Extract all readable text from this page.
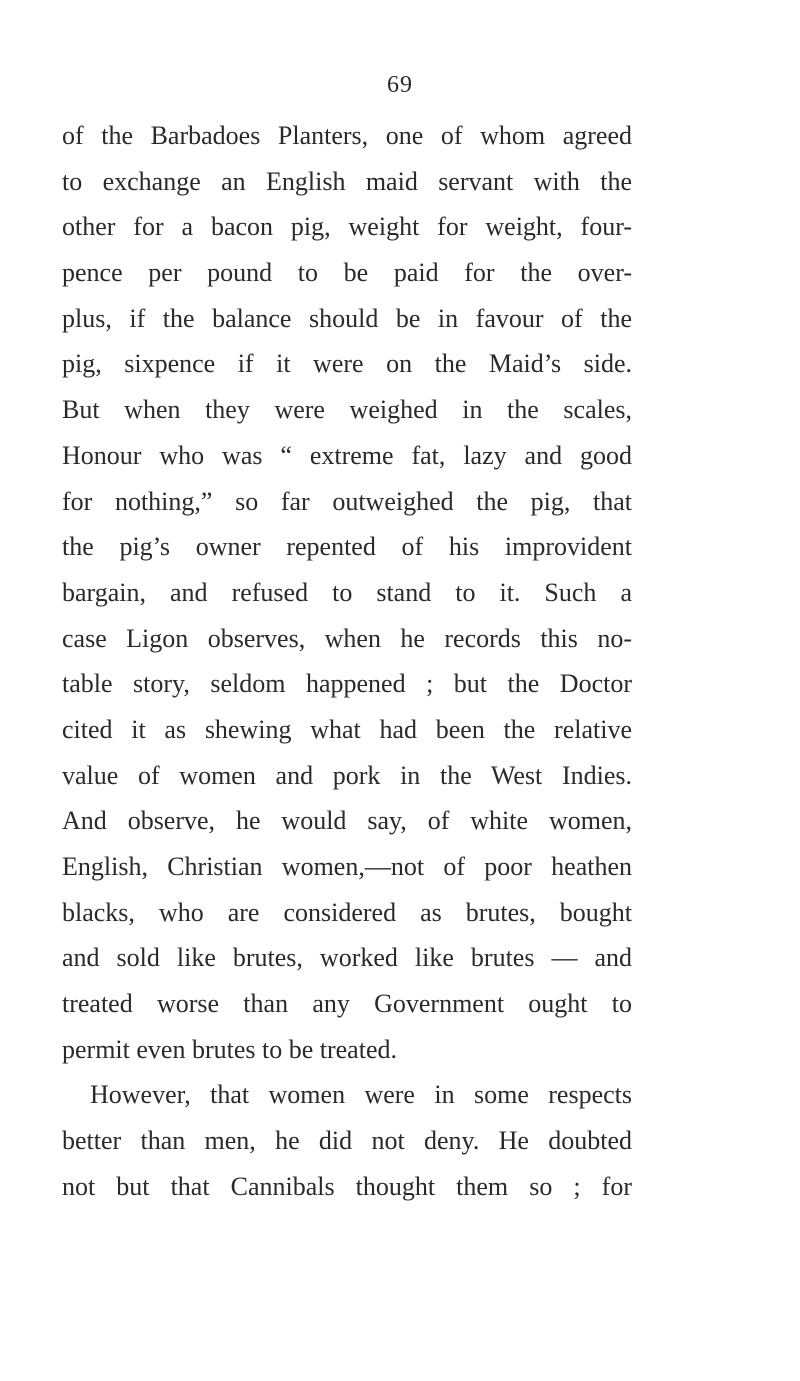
69
of the Barbadoes Planters, one of whom agreed
to exchange an English maid servant with the
other for a bacon pig, weight for weight, four-
pence per pound to be paid for the over-
plus, if the balance should be in favour of the
pig, sixpence if it were on the Maid’s side.
But when they were weighed in the scales,
Honour who was “ extreme fat, lazy and good
for nothing,” so far outweighed the pig, that
the pig’s owner repented of his improvident
bargain, and refused to stand to it. Such a
case Ligon observes, when he records this no-
table story, seldom happened ; but the Doctor
cited it as shewing what had been the relative
value of women and pork in the West Indies.
And observe, he would say, of white women,
English, Christian women,—not of poor heathen
blacks, who are considered as brutes, bought
and sold like brutes, worked like brutes — and
treated worse than any Government ought to
permit even brutes to be treated.
However, that women were in some respects
better than men, he did not deny. He doubted
not but that Cannibals thought them so ; for
